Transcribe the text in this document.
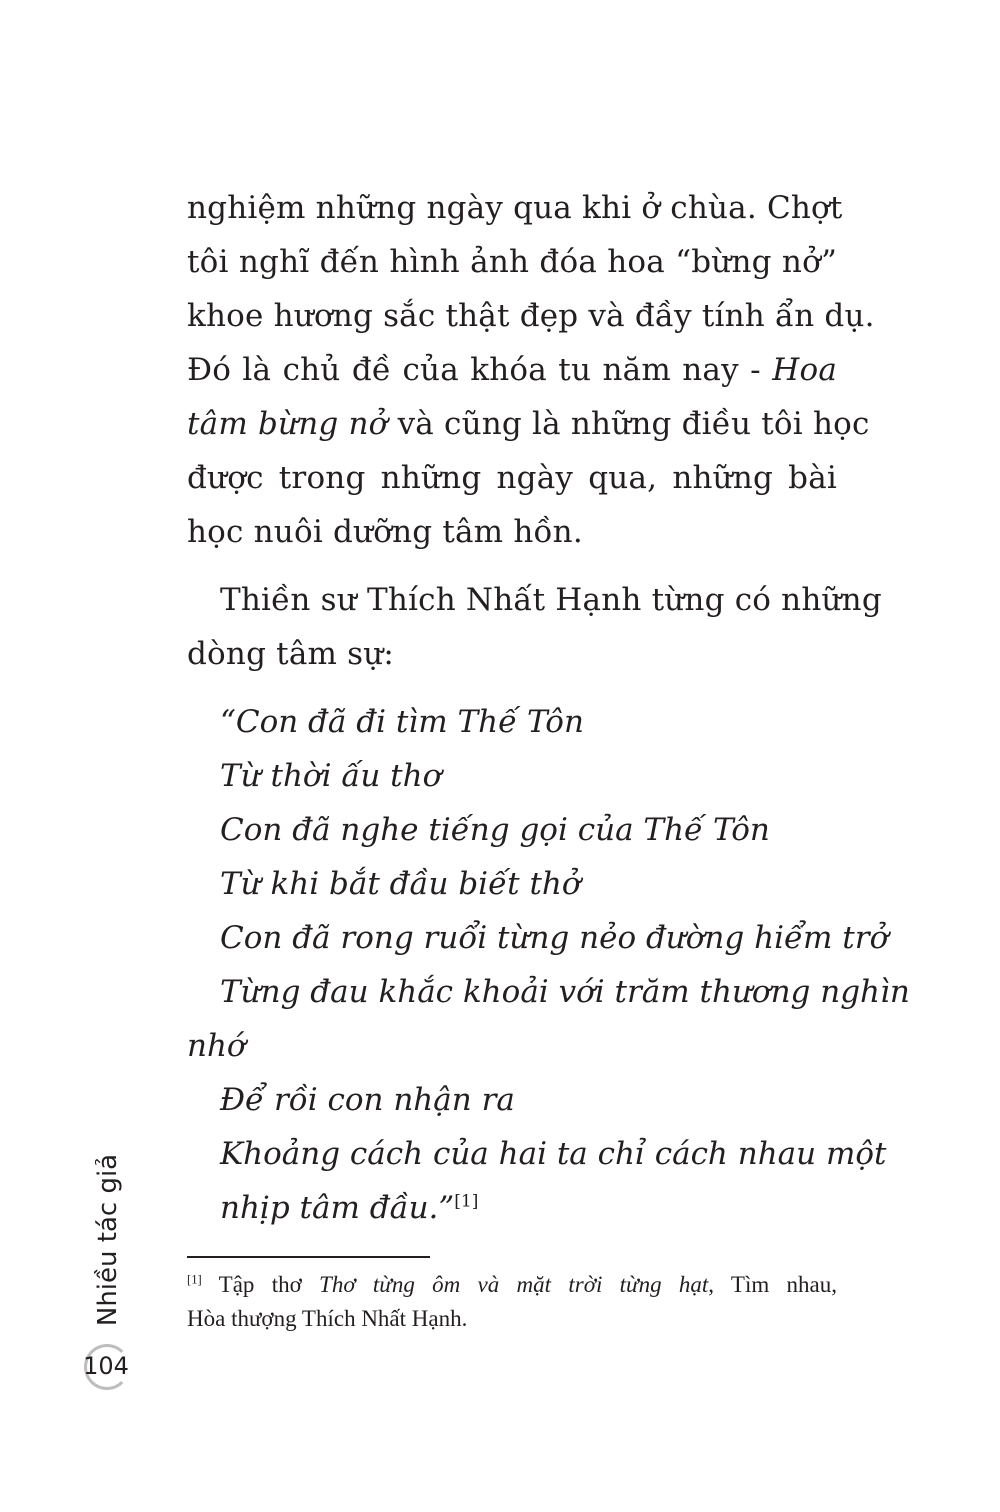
nghiệm những ngày qua khi ở chùa. Chợt
tôi nghĩ đến hình ảnh đóa hoa “bừng nở”
khoe hương sắc thật đẹp và đầy tính ẩn dụ.
Đó là chủ đề của khóa tu năm nay - Hoa
tâm bừng nở và cũng là những điều tôi học
được trong những ngày qua, những bài
học nuôi dưỡng tâm hồn.
Thiền sư Thích Nhất Hạnh từng có những
dòng tâm sự:
“Con đã đi tìm Thế Tôn
Từ thời ấu thơ
Con đã nghe tiếng gọi của Thế Tôn
Từ khi bắt đầu biết thở
Con đã rong ruổi từng nẻo đường hiểm trở
Từng đau khắc khoải với trăm thương nghìn
nhớ
Để rồi con nhận ra
Khoảng cách của hai ta chỉ cách nhau một
nhịp tâm đầu.”[1]
[1] Tập thơ Thơ từng ôm và mặt trời từng hạt, Tìm nhau,
Hòa thượng Thích Nhất Hạnh.
Nhiều tác giả
104
